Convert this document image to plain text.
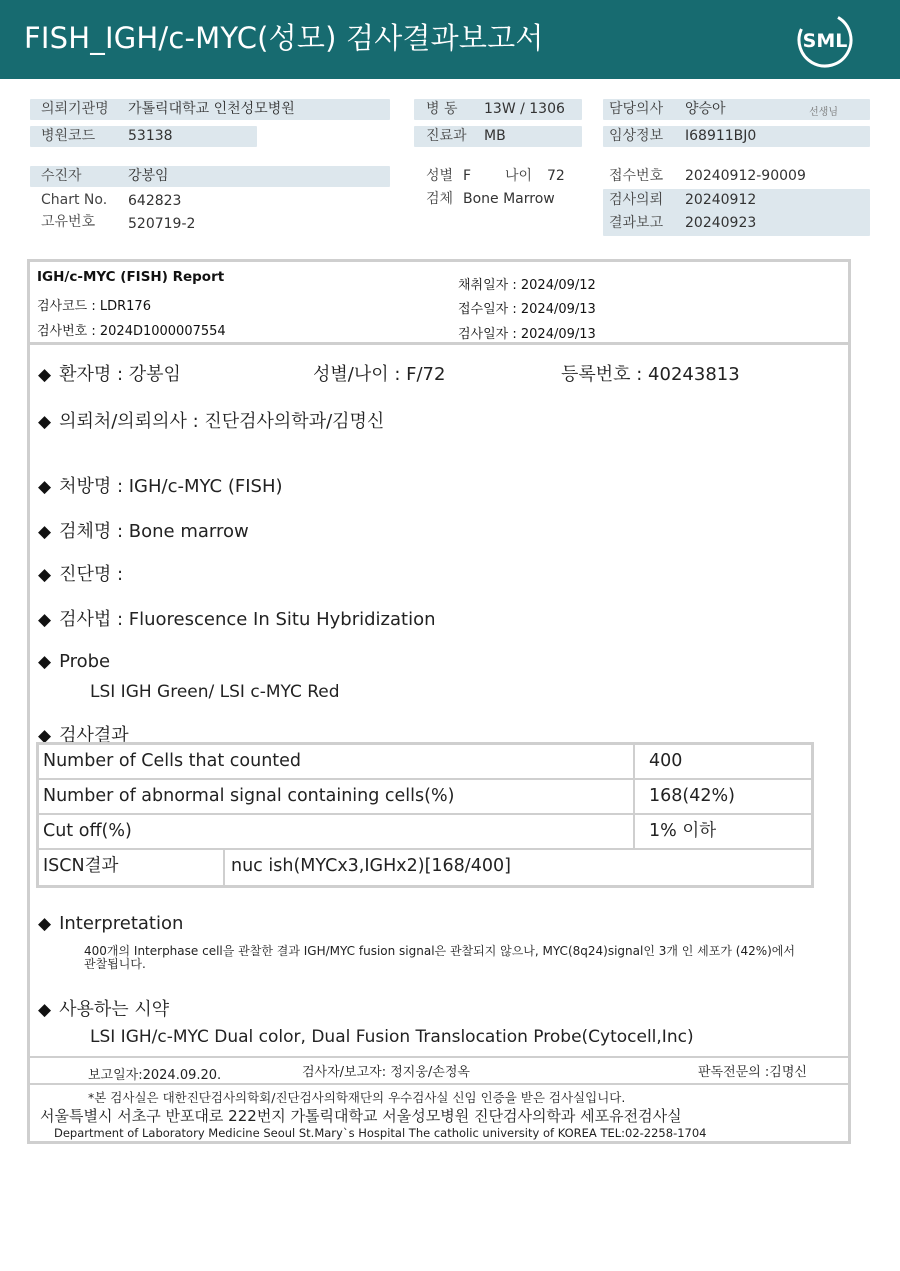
FISH_IGH/c-MYC(성모) 검사결과보고서	SML
의뢰기관명 가톨릭대학교 인천성모병원
병원코드 53138
수진자	강봉임
Chart No. 642823
고유번호 520719-2
병 동 13W / 1306
진료과 MB
성별 F 나이 72
검체 Bone Marrow
담당의사 양승아	선생님
임상정보 I68911BJ0
접수번호 20240912-90009
검사의뢰 20240912
결과보고 20240923
IGH/c-MYC (FISH) Report
검사코드 : LDR176
검사번호 : 2024D1000007554
채취일자 : 2024/09/12
접수일자 : 2024/09/13
검사일자 : 2024/09/13
◆ 환자명 : 강봉임	성별/나이 : F/72	등록번호 : 40243813
◆ 의뢰처/의뢰의사 : 진단검사의학과/김명신
◆ 처방명 : IGH/c-MYC (FISH)
◆ 검체명 : Bone marrow
◆ 진단명 :
◆ 검사법 : Fluorescence In Situ Hybridization
◆ Probe
LSI IGH Green/ LSI c-MYC Red
◆ 검사결과
Number of Cells that counted	400
Number of abnormal signal containing cells(%)	168(42%)
Cut off(%)	1% 이하
ISCN결과	nuc ish(MYCx3,IGHx2)[168/400]
◆ Interpretation
400개의 Interphase cell을 관찰한 결과 IGH/MYC fusion signal은 관찰되지 않으나, MYC(8q24)signal인 3개 인 세포가 (42%)에서 관찰됩니다.
◆ 사용하는 시약
LSI IGH/c-MYC Dual color, Dual Fusion Translocation Probe(Cytocell,Inc)
보고일자:2024.09.20.	검사자/보고자: 정지웅/손정옥	판독전문의 :김명신
*본 검사실은 대한진단검사의학회/진단검사의학재단의 우수검사실 신임 인증을 받은 검사실입니다.
서울특별시 서초구 반포대로 222번지 가톨릭대학교 서울성모병원 진단검사의학과 세포유전검사실
Department of Laboratory Medicine Seoul St.Mary`s Hospital The catholic university of KOREA TEL:02-2258-1704
